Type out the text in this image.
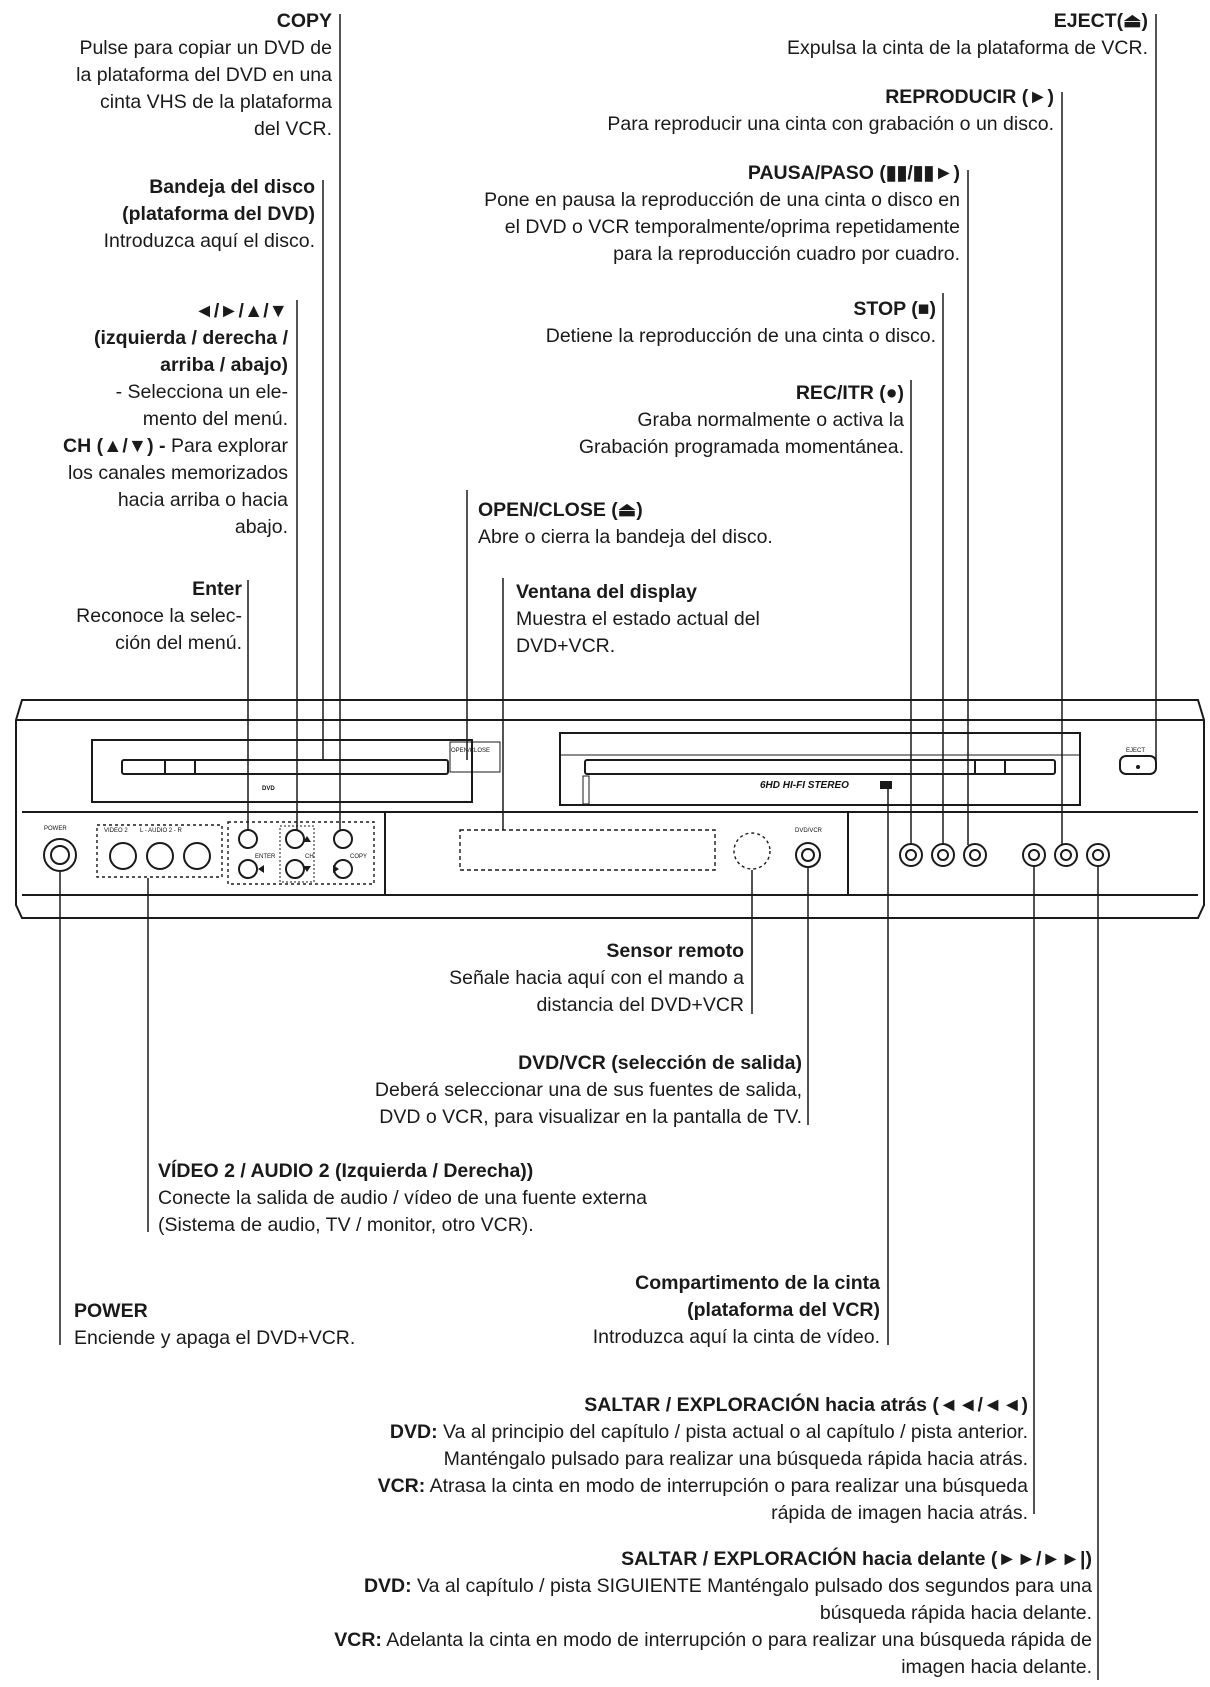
POWER	VIDEO 2 L - AUDIO 2 - R
ENTER	CH	COPY
OPEN/CLOSE
DVD/VCR
6HD HI-FI STEREO
EJECT
DVD
COPY
Pulse para copiar un DVD de
la plataforma del DVD en una
cinta VHS de la plataforma
del VCR.
Bandeja del disco
(plataforma del DVD)
Introduzca aquí el disco.
◄/►/▲/▼
(izquierda / derecha /
arriba / abajo)
- Selecciona un ele-
mento del menú.
CH (▲/▼) - Para explorar
los canales memorizados
hacia arriba o hacia
abajo.
Enter
Reconoce la selec-
ción del menú.
EJECT(⏏)
Expulsa la cinta de la plataforma de VCR.
REPRODUCIR (►)
Para reproducir una cinta con grabación o un disco.
PAUSA/PASO (▮▮/▮▮►)
Pone en pausa la reproducción de una cinta o disco en
el DVD o VCR temporalmente/oprima repetidamente
para la reproducción cuadro por cuadro.
STOP (■)
Detiene la reproducción de una cinta o disco.
REC/ITR (●)
Graba normalmente o activa la
Grabación programada momentánea.
OPEN/CLOSE (⏏)
Abre o cierra la bandeja del disco.
Ventana del display
Muestra el estado actual del
DVD+VCR.
Sensor remoto
Señale hacia aquí con el mando a
distancia del DVD+VCR
DVD/VCR (selección de salida)
Deberá seleccionar una de sus fuentes de salida,
DVD o VCR, para visualizar en la pantalla de TV.
VÍDEO 2 / AUDIO 2 (Izquierda / Derecha))
Conecte la salida de audio / vídeo de una fuente externa
(Sistema de audio, TV / monitor, otro VCR).
Compartimento de la cinta
(plataforma del VCR)
Introduzca aquí la cinta de vídeo.
POWER
Enciende y apaga el DVD+VCR.
SALTAR / EXPLORACIÓN hacia atrás (◄◄/◄◄)
DVD: Va al principio del capítulo / pista actual o al capítulo / pista anterior.
Manténgalo pulsado para realizar una búsqueda rápida hacia atrás.
VCR: Atrasa la cinta en modo de interrupción o para realizar una búsqueda
rápida de imagen hacia atrás.
SALTAR / EXPLORACIÓN hacia delante (►►/►►|)
DVD: Va al capítulo / pista SIGUIENTE Manténgalo pulsado dos segundos para una
búsqueda rápida hacia delante.
VCR: Adelanta la cinta en modo de interrupción o para realizar una búsqueda rápida de
imagen hacia delante.
